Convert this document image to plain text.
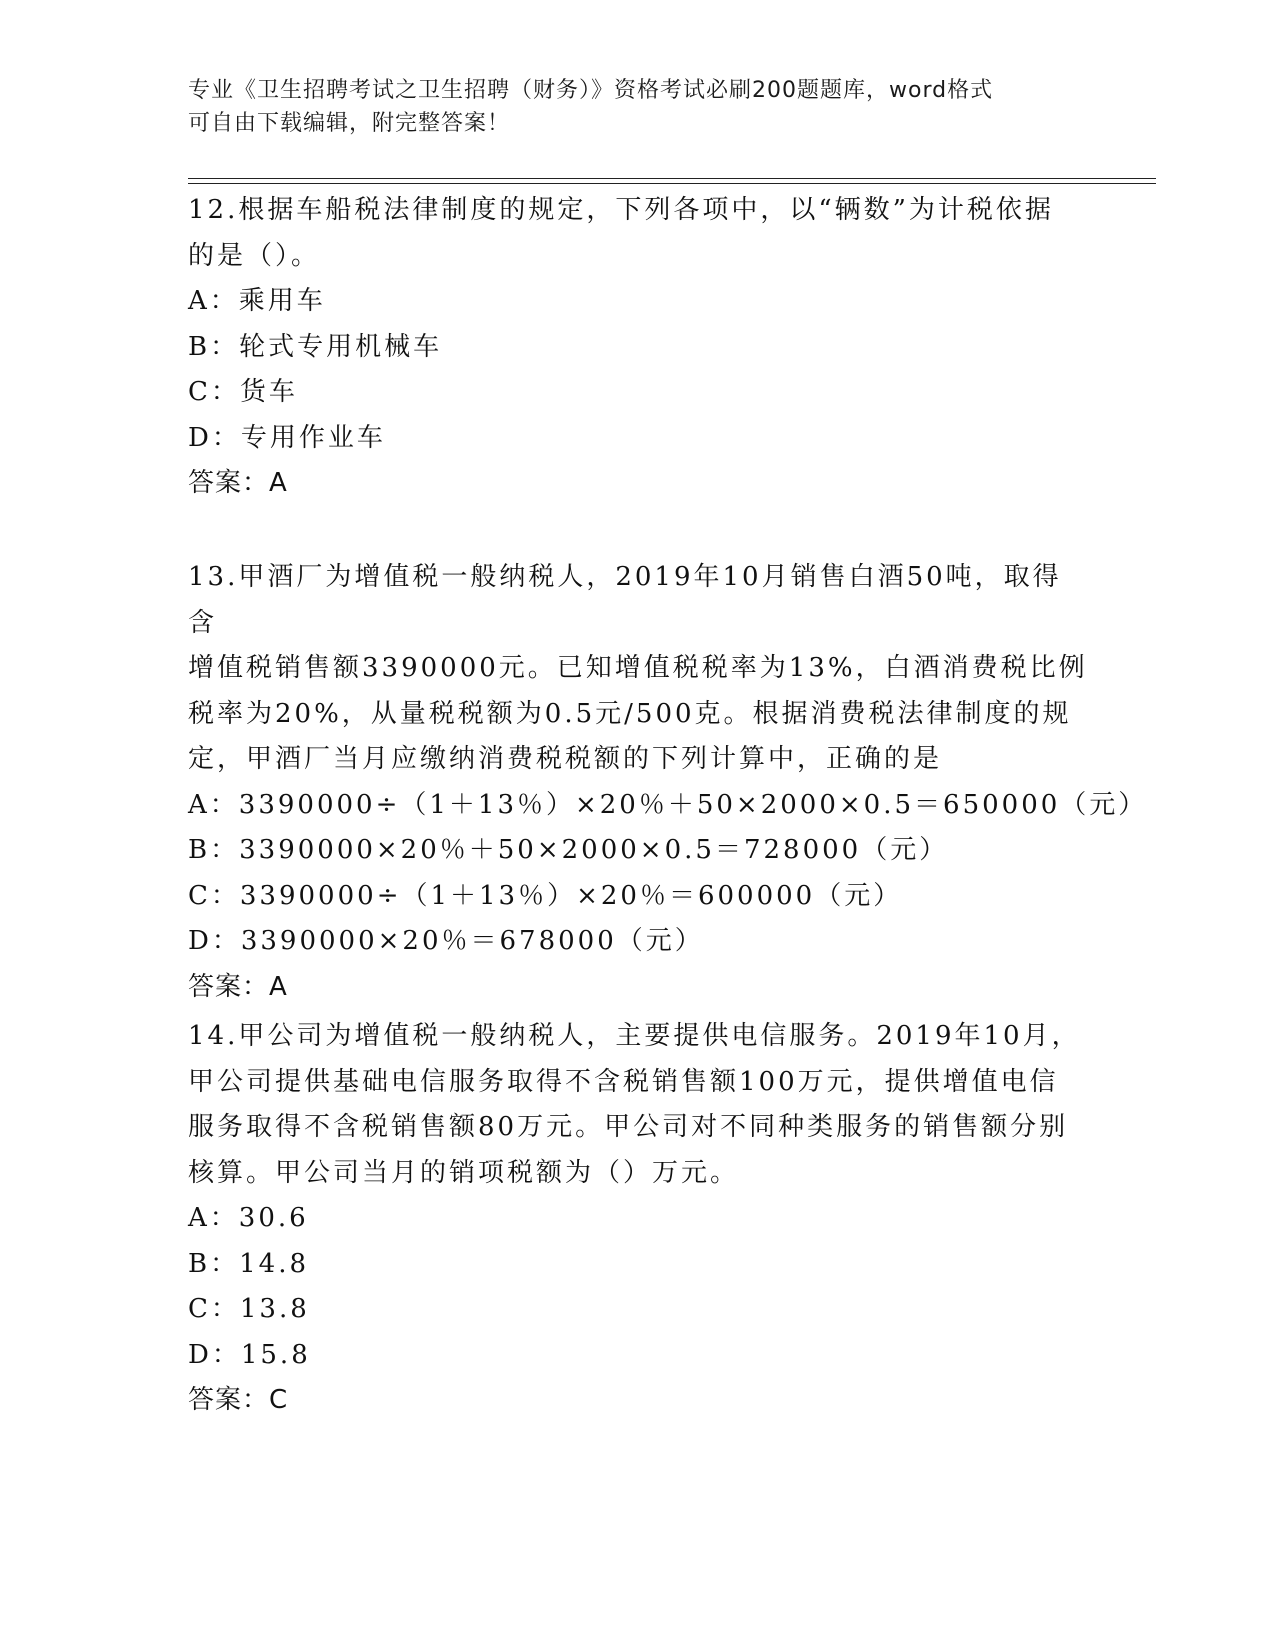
专业《卫生招聘考试之卫生招聘（财务）》资格考试必刷200题题库，word格式
可自由下载编辑，附完整答案！
12.根据车船税法律制度的规定，下列各项中，以“辆数”为计税依据
的是（）。
A：乘用车
B：轮式专用机械车
C：货车
D：专用作业车
答案：A
13.甲酒厂为增值税一般纳税人，2019年10月销售白酒50吨，取得含
增值税销售额3390000元。已知增值税税率为13%，白酒消费税比例
税率为20%，从量税税额为0.5元/500克。根据消费税法律制度的规
定，甲酒厂当月应缴纳消费税税额的下列计算中，正确的是
A：3390000÷（1＋13％）×20％＋50×2000×0.5＝650000（元）
B：3390000×20％＋50×2000×0.5＝728000（元）
C：3390000÷（1＋13％）×20％＝600000（元）
D：3390000×20％＝678000（元）
答案：A
14.甲公司为增值税一般纳税人，主要提供电信服务。2019年10月，
甲公司提供基础电信服务取得不含税销售额100万元，提供增值电信
服务取得不含税销售额80万元。甲公司对不同种类服务的销售额分别
核算。甲公司当月的销项税额为（）万元。
A：30.6
B：14.8
C：13.8
D：15.8
答案：C
